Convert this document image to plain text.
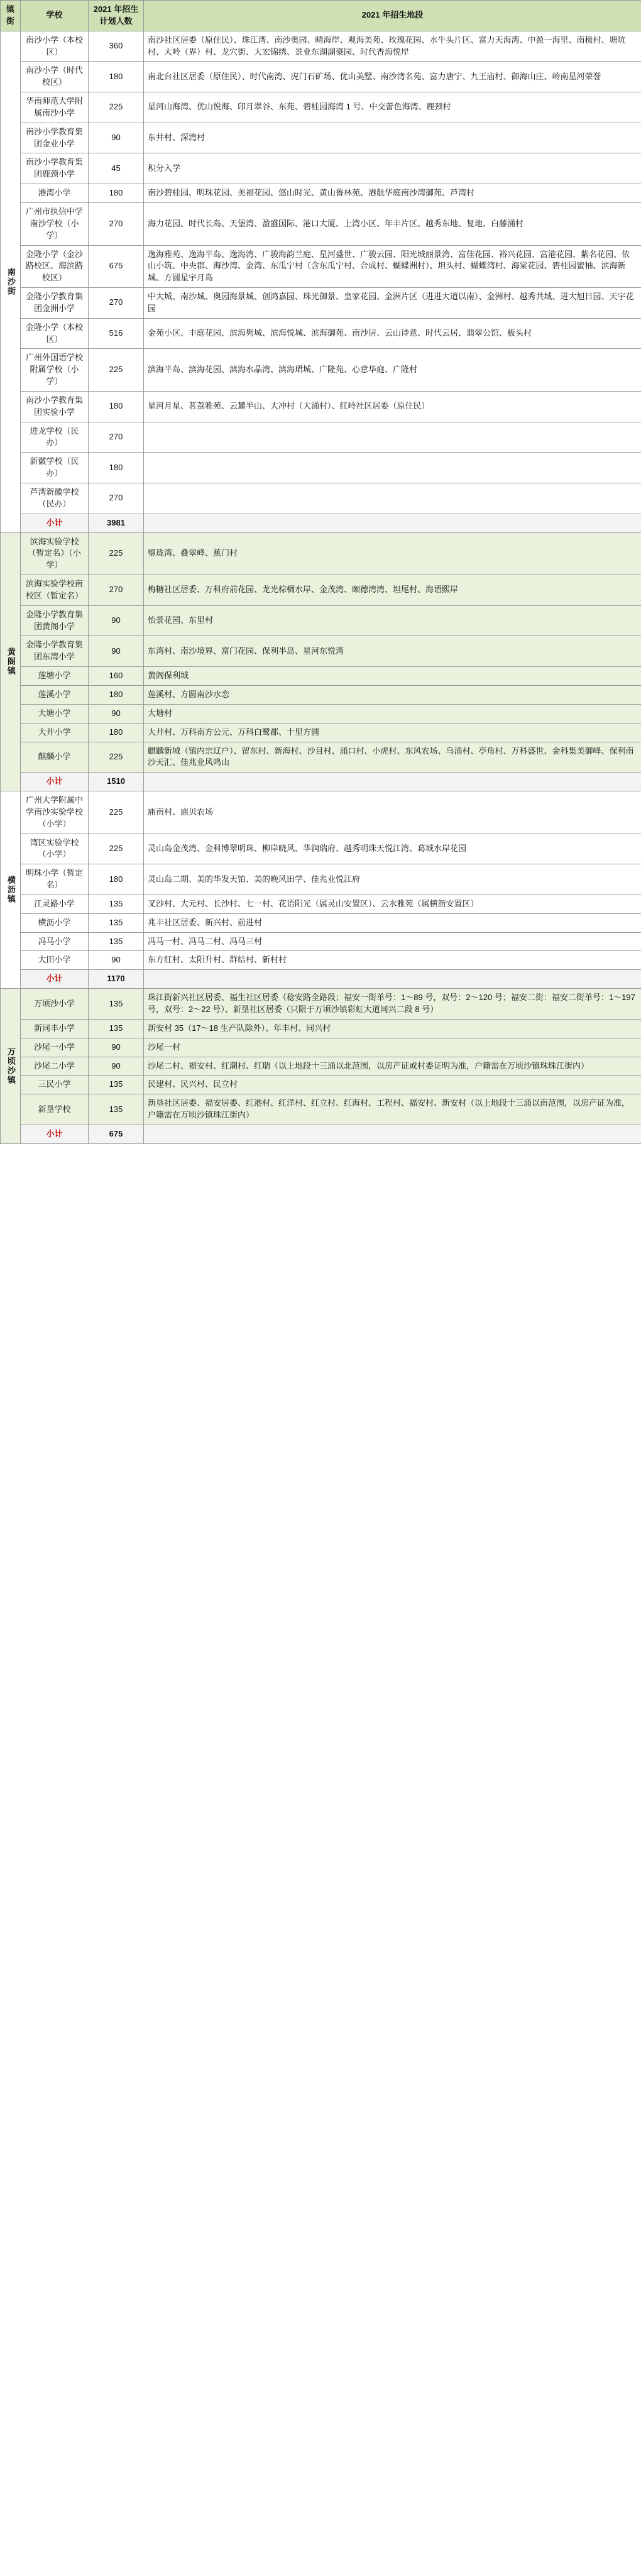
镇街	学校	2021 年招生计划人数	2021 年招生地段
南沙街	南沙小学（本校区）	360	南沙社区居委（原住民）、珠江湾、南沙奥园、晴海岸、观海美苑、玫瑰花园、水牛头片区、富力天海湾、中盈一海里、南极村、塘坑村、大岭（界）村、龙穴街、大宏锦绣、景业东湖湖豪园、时代香海悦岸
	南沙小学（时代校区）	180	南北台社区居委（原住民）、时代南湾、虎门石矿场、优山美墅、南沙湾名苑、富力唐宁、九王庙村、御海山庄、岭南星河荣誉
	华南师范大学附属南沙小学	225	星河山海湾、优山悦海、印月翠谷、东苑、碧桂园海湾 1 号、中交蕾色海湾、鹿颈村
	南沙小学教育集团金业小学	90	东井村、深湾村
	南沙小学教育集团鹿颈小学	45	积分入学
	港湾小学	180	南沙碧桂园、明珠花园、美福花园、悠山时光、黄山鲁林苑、港航华庭南沙湾御苑、芦湾村
	广州市执信中学南沙学校（小学）	270	海力花园、时代长岛、天堡湾、盈盛国际、港口大厦、上湾小区、年丰片区、越秀东地、复地、白藤涌村
	金隆小学（金沙路校区、海滨路校区）	675	逸海雅苑、逸海半岛、逸海湾、广骏海韵兰庭、星河盛世、广骏云园、阳光城丽景湾、富佳花园、裕兴花园、富港花园、紫名花园、依山小筑、中央郡、海沙湾、金湾、东瓜宁村（含东瓜宁村、合成村、蝴蝶洲村）、坦头村、蝴蝶湾村、海棠花园、碧桂园蜜柚、滨海新城、方圆星宇月岛
	金隆小学教育集团金洲小学	270	中大城、南沙城、奥园海景城、创鸿嘉园、珠光御景、皇家花园、金洲片区（进进大道以南）、金洲村、越秀共城、进大旭日园、天宇花园
	金隆小学（本校区）	516	金苑小区、丰庭花园、滨海隽城、滨海悦城、滨海御苑、南沙居、云山诗意、时代云居、翡翠公馆、板头村
	广州外国语学校附属学校（小学）	225	滨海半岛、滨海花园、滨海水晶湾、滨海珺城、广隆苑、心意华庭、广隆村
	南沙小学教育集团实验小学	180	星河月星、茗荔雅苑、云麓半山、大冲村（大涌村）、红岭社区居委（原住民）
	进龙学校（民办）	270	
	新徽学校（民办）	180	
	芦湾新徽学校（民办）	270	
	小计	3981	
黄阁镇	滨海实验学校（暂定名）（小学）	225	璧珑湾、叠翠峰、蕉门村
	滨海实验学校南校区（暂定名）	270	梅糖社区居委、万科府前花园、龙光棕榈水岸、金茂湾、颐德湾湾、坦尾村、海语熙岸
	金隆小学教育集团黄阁小学	90	怡景花园、东里村
	金隆小学教育集团东湾小学	90	东湾村、南沙境界、富门花园、保利半岛、星河东悦湾
	莲塘小学	160	黄阁保利城
	莲溪小学	180	莲溪村、方圆南沙水恋
	大塘小学	90	大塘村
	大井小学	180	大井村、万科南方公元、万科白鹭郡、十里方圆
	麒麟小学	225	麒麟新城（镇内宗辽户）、留东村、新海村、沙目村、涌口村、小虎村、东风农场、乌涌村、亭角村、万科盛世、金科集美御峰、保利南沙天汇、佳兆业风鸣山
	小计	1510	
横沥镇	广州大学附属中学南沙实验学校（小学）	225	庙南村、庙贝农场
	湾区实验学校（小学）	225	灵山岛金茂湾、金科博翠明珠、柳岸晓风、华润瑞府、越秀明珠天悦江湾、葛城水岸花园
	明珠小学（暂定名）	180	灵山岛二期、美的华发天铂、美的晚风田学、佳兆业悦江府
	江灵路小学	135	叉沙村、大元村、长沙村、七一村、花语阳光（属灵山安置区）、云水雅苑（属横沥安置区）
	横沥小学	135	兆丰社区居委、新兴村、前进村
	冯马小学	135	冯马一村、冯马二村、冯马三村
	大田小学	90	东方红村、太阳升村、群结村、新村村
	小计	1170	
万顷沙镇	万顷沙小学	135	珠江街新兴社区居委、福生社区居委（稔安路全路段；福安一街单号：1～89 号，双号：2～120 号；福安二街：福安二街单号：1～197 号，双号：2～22 号）、新垦社区居委（只限于万顷沙镇彩虹大道同兴二段 8 号）
	新同丰小学	135	新安村 35（17～18 生产队除外）、年丰村、同兴村
	沙尾一小学	90	沙尾一村
	沙尾二小学	90	沙尾二村、福安村、红潮村、红瑞（以上地段十三涌以北范围，以房产证或村委证明为准，户籍需在万顷沙镇珠珠江街内）
	三民小学	135	民建村、民兴村、民立村
	新垦学校	135	新垦社区居委、福安居委、红港村、红洋村、红立村、红海村、工程村、福安村、新安村（以上地段十三涌以南范围，以房产证为准，户籍需在万顷沙镇珠江街内）
	小计	675	
